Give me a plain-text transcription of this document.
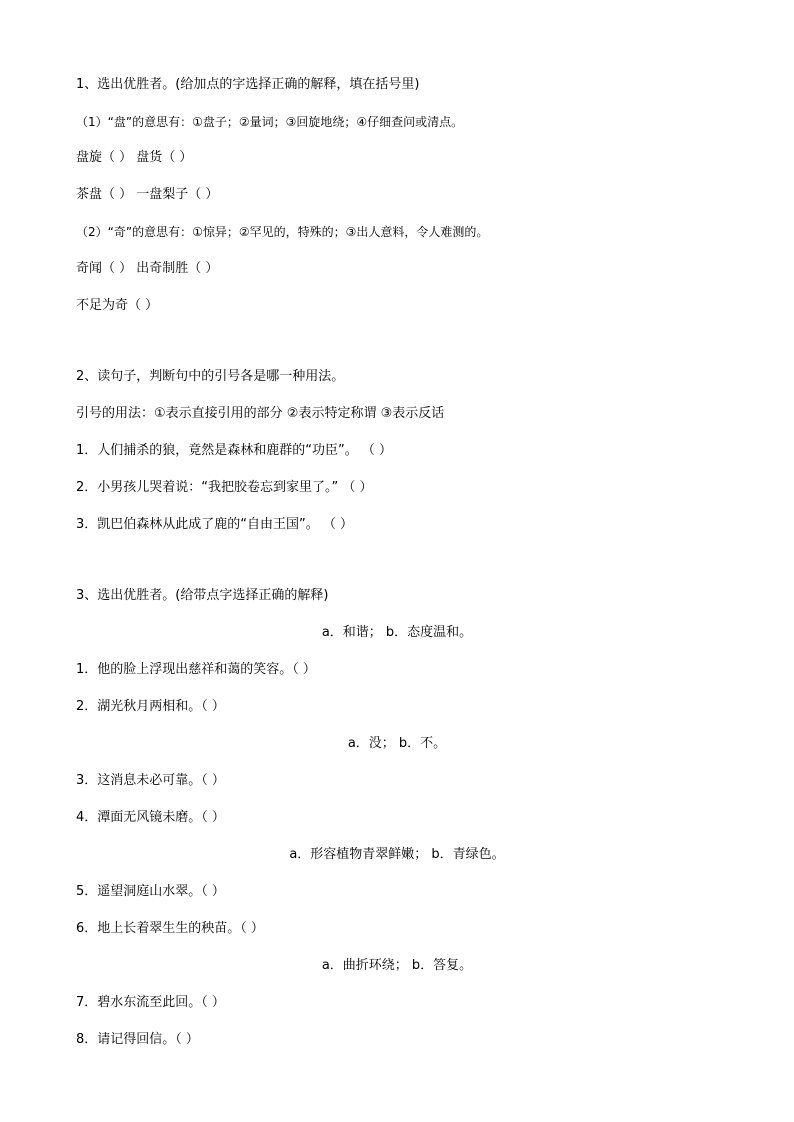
1、选出优胜者。(给加点的字选择正确的解释，填在括号里)
（1）“盘”的意思有：①盘子；②量词；③回旋地绕；④仔细查问或清点。
盘旋（ ） 盘货（ ）
茶盘（ ） 一盘梨子（ ）
（2）“奇”的意思有：①惊异；②罕见的，特殊的；③出人意料，令人难测的。
奇闻（ ） 出奇制胜（ ）
不足为奇（ ）
2、读句子，判断句中的引号各是哪一种用法。
引号的用法：①表示直接引用的部分 ②表示特定称谓 ③表示反话
1．人们捕杀的狼，竟然是森林和鹿群的“功臣”。 （ ）
2．小男孩儿哭着说：“我把胶卷忘到家里了。” （ ）
3．凯巴伯森林从此成了鹿的“自由王国”。 （ ）
3、选出优胜者。(给带点字选择正确的解释)
a．和谐； b．态度温和。
1．他的脸上浮现出慈祥和蔼的笑容。（ ）
2．湖光秋月两相和。（ ）
a．没； b．不。
3．这消息未必可靠。（ ）
4．潭面无风镜未磨。（ ）
a．形容植物青翠鲜嫩； b．青绿色。
5．遥望洞庭山水翠。（ ）
6．地上长着翠生生的秧苗。（ ）
a．曲折环绕； b．答复。
7．碧水东流至此回。（ ）
8．请记得回信。（ ）
